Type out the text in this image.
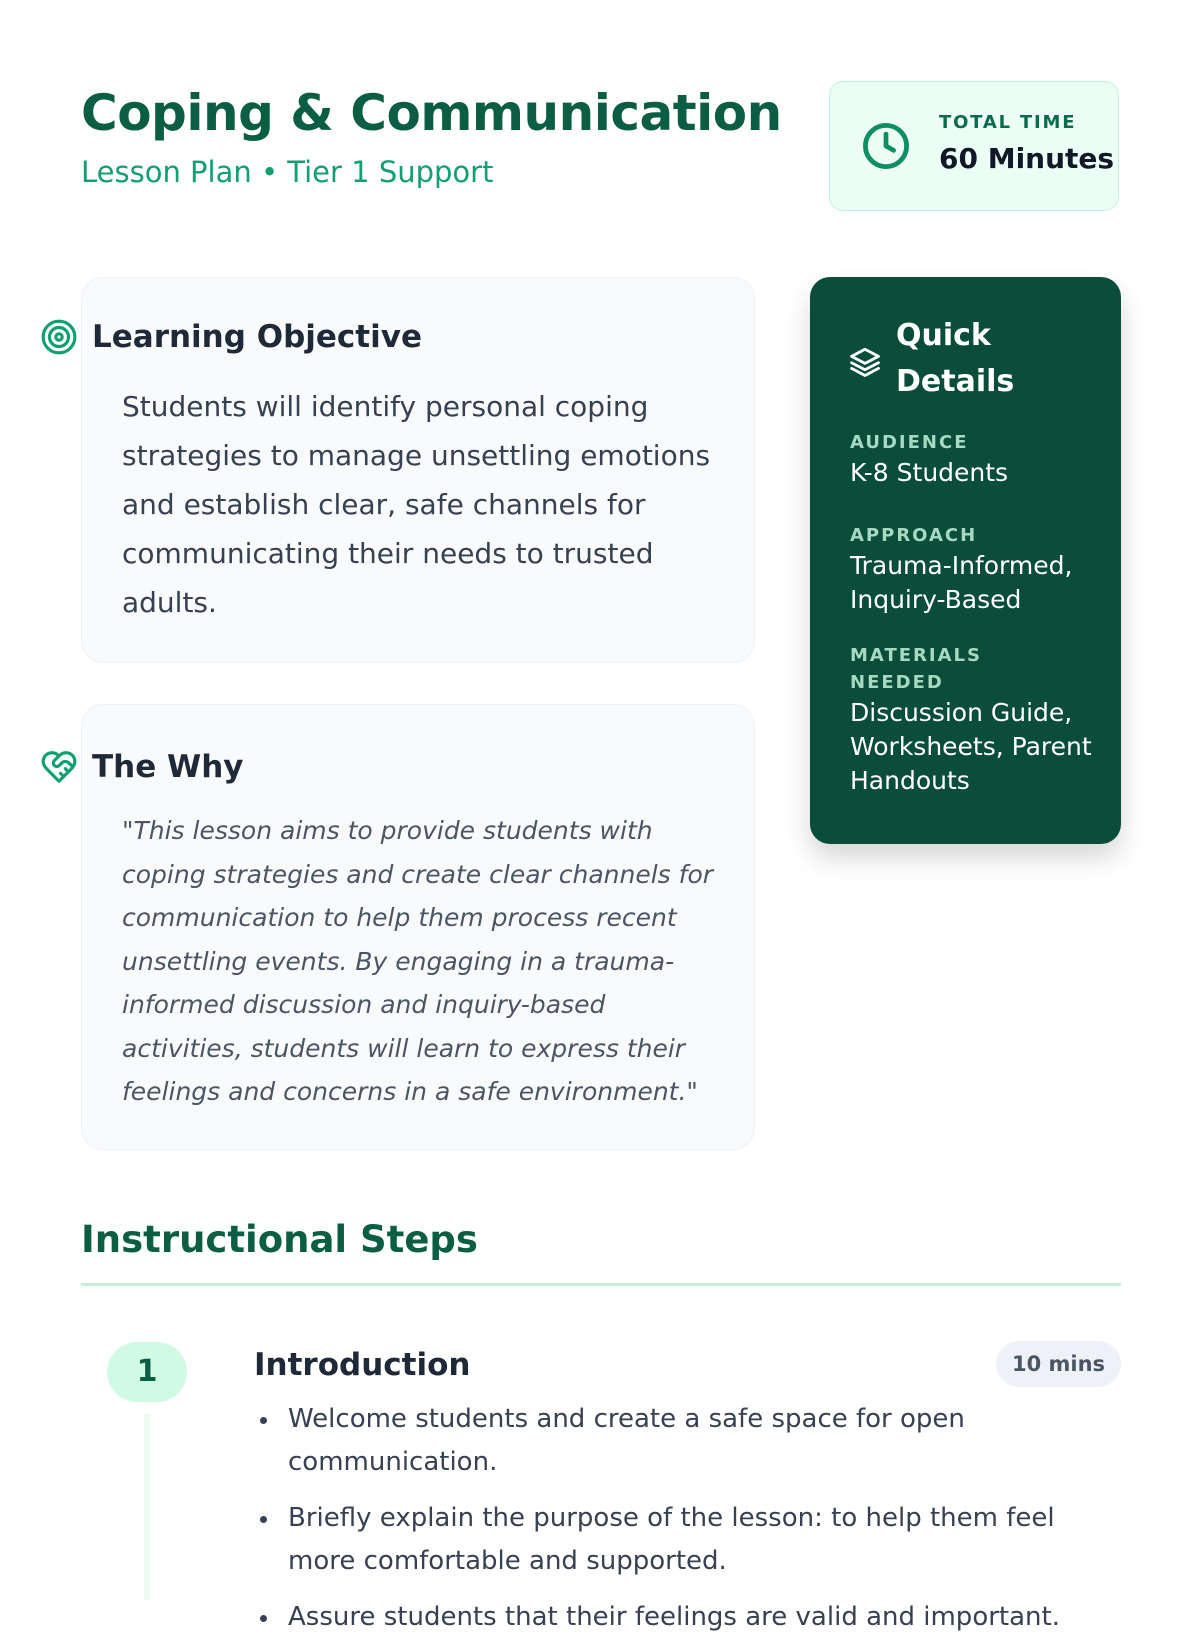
Coping & Communication
Lesson Plan • Tier 1 Support
TOTAL TIME
60 Minutes

Students will identify personal coping strategies to manage unsettling emotions and establish clear, safe channels for communicating their needs to trusted adults.

Learning Objective

"This lesson aims to provide students with coping strategies and create clear channels for communication to help them process recent unsettling events. By engaging in a trauma-informed discussion and inquiry-based activities, students will learn to express their feelings and concerns in a safe environment."

The Why
Quick Details
AUDIENCE
K-8 Students
APPROACH
Trauma-Informed, Inquiry-Based
MATERIALS NEEDED
Discussion Guide, Worksheets, Parent Handouts
Instructional Steps
1	Introduction	10 mins
Welcome students and create a safe space for open communication.
Briefly explain the purpose of the lesson: to help them feel more comfortable and supported.
Assure students that their feelings are valid and important.
